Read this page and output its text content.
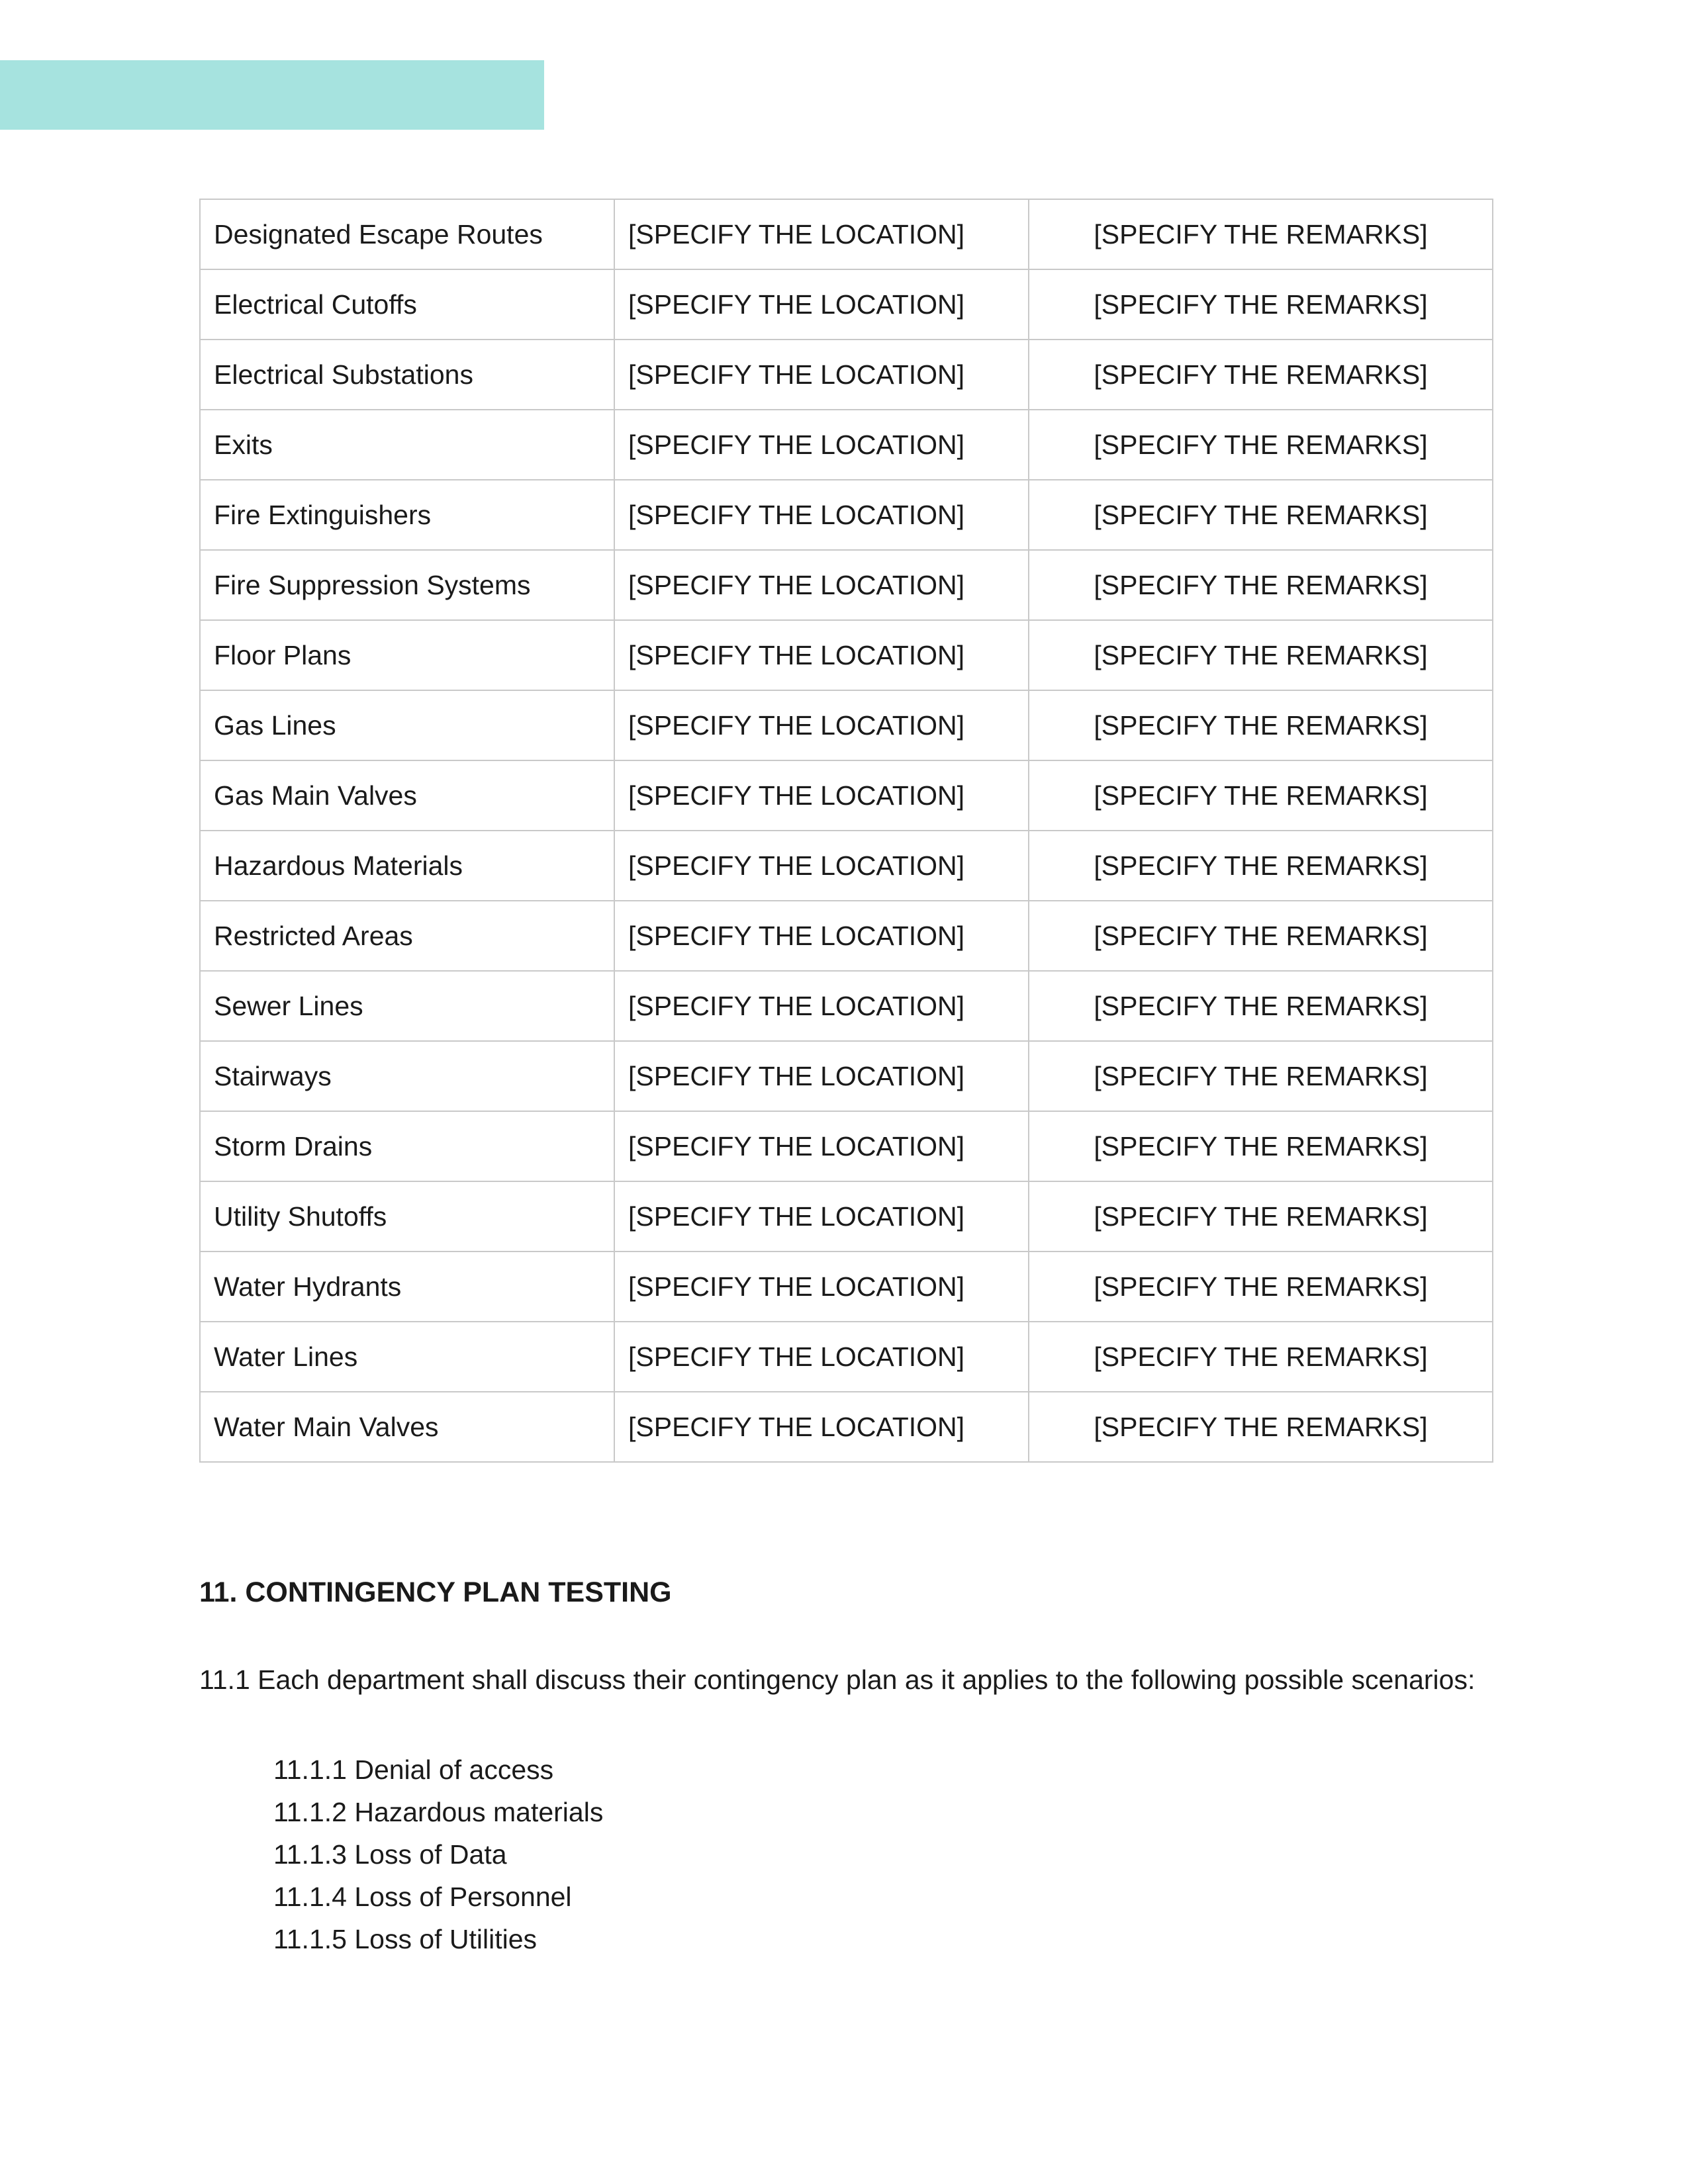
Designated Escape Routes	[SPECIFY THE LOCATION]	[SPECIFY THE REMARKS]
Electrical Cutoffs	[SPECIFY THE LOCATION]	[SPECIFY THE REMARKS]
Electrical Substations	[SPECIFY THE LOCATION]	[SPECIFY THE REMARKS]
Exits	[SPECIFY THE LOCATION]	[SPECIFY THE REMARKS]
Fire Extinguishers	[SPECIFY THE LOCATION]	[SPECIFY THE REMARKS]
Fire Suppression Systems	[SPECIFY THE LOCATION]	[SPECIFY THE REMARKS]
Floor Plans	[SPECIFY THE LOCATION]	[SPECIFY THE REMARKS]
Gas Lines	[SPECIFY THE LOCATION]	[SPECIFY THE REMARKS]
Gas Main Valves	[SPECIFY THE LOCATION]	[SPECIFY THE REMARKS]
Hazardous Materials	[SPECIFY THE LOCATION]	[SPECIFY THE REMARKS]
Restricted Areas	[SPECIFY THE LOCATION]	[SPECIFY THE REMARKS]
Sewer Lines	[SPECIFY THE LOCATION]	[SPECIFY THE REMARKS]
Stairways	[SPECIFY THE LOCATION]	[SPECIFY THE REMARKS]
Storm Drains	[SPECIFY THE LOCATION]	[SPECIFY THE REMARKS]
Utility Shutoffs	[SPECIFY THE LOCATION]	[SPECIFY THE REMARKS]
Water Hydrants	[SPECIFY THE LOCATION]	[SPECIFY THE REMARKS]
Water Lines	[SPECIFY THE LOCATION]	[SPECIFY THE REMARKS]
Water Main Valves	[SPECIFY THE LOCATION]	[SPECIFY THE REMARKS]
11. CONTINGENCY PLAN TESTING

11.1 Each department shall discuss their contingency plan as it applies to the following possible scenarios:

11.1.1 Denial of access
11.1.2 Hazardous materials
11.1.3 Loss of Data
11.1.4 Loss of Personnel
11.1.5 Loss of Utilities
